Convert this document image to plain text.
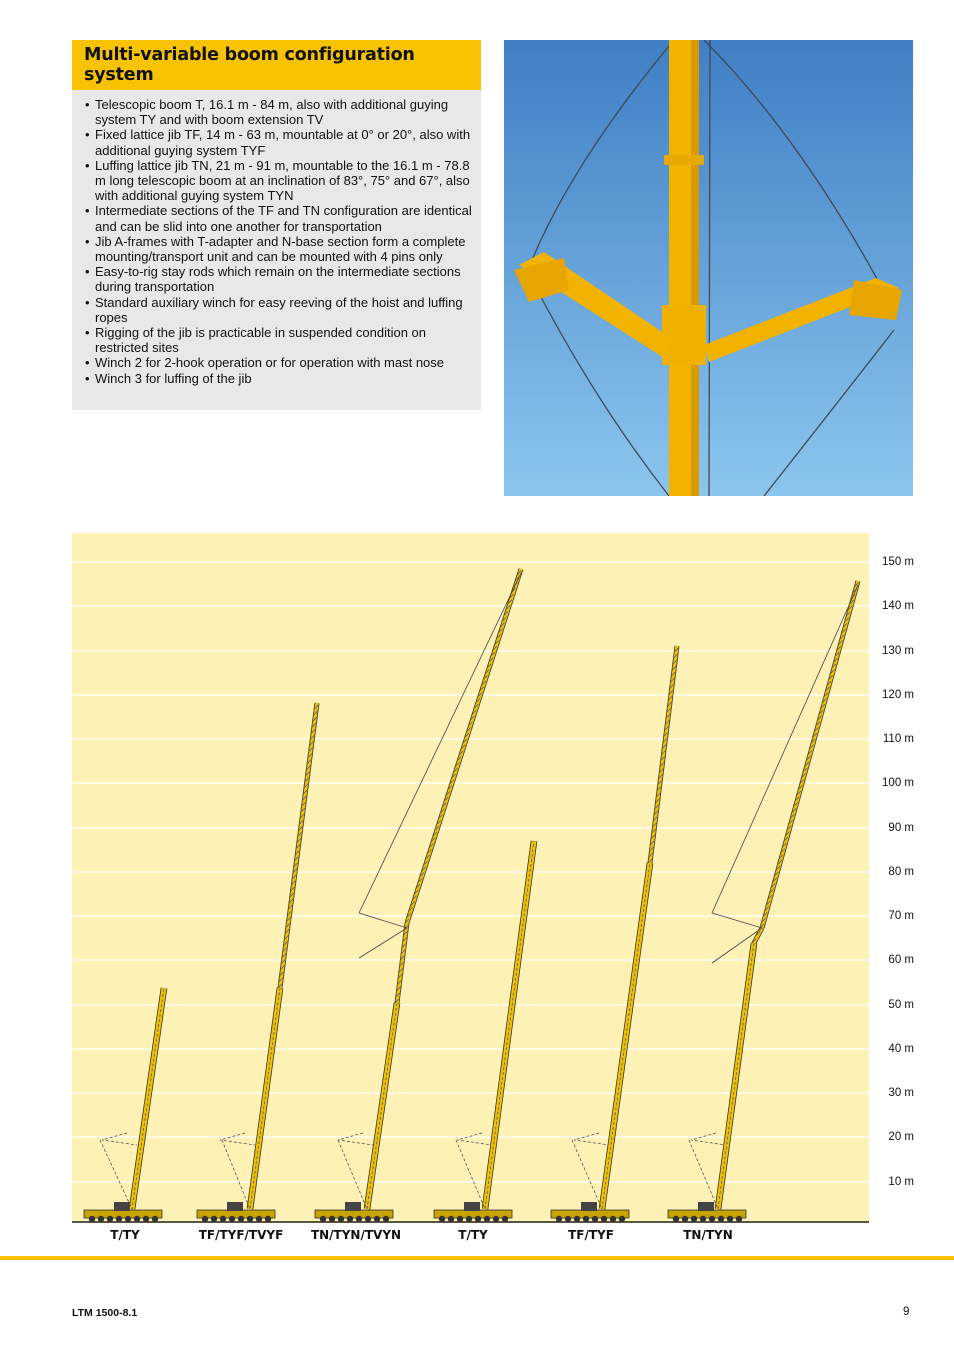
Multi-variable boom configuration system
• Telescopic boom T, 16.1 m - 84 m, also with additional guying system TY and with boom extension TV
• Fixed lattice jib TF, 14 m - 63 m, mountable at 0° or 20°, also with additional guying system TYF
• Luffing lattice jib TN, 21 m - 91 m, mountable to the 16.1 m - 78.8 m long telescopic boom at an inclination of 83°, 75° and 67°, also with additional guying system TYN
• Intermediate sections of the TF and TN configuration are identical and can be slid into one another for transportation
• Jib A-frames with T-adapter and N-base section form a complete mounting/transport unit and can be mounted with 4 pins only
• Easy-to-rig stay rods which remain on the intermediate sections during transportation
• Standard auxiliary winch for easy reeving of the hoist and luffing ropes
• Rigging of the jib is practicable in suspended condition on restricted sites
• Winch 2 for 2-hook operation or for operation with mast nose
• Winch 3 for luffing of the jib
150 m
140 m
130 m
120 m
110 m
100 m
90 m
80 m
70 m
60 m
50 m
40 m
30 m
20 m
10 m
T/TY	TF/TYF/TVYF	TN/TYN/TVYN	T/TY	TF/TYF	TN/TYN
LTM 1500-8.1	9
